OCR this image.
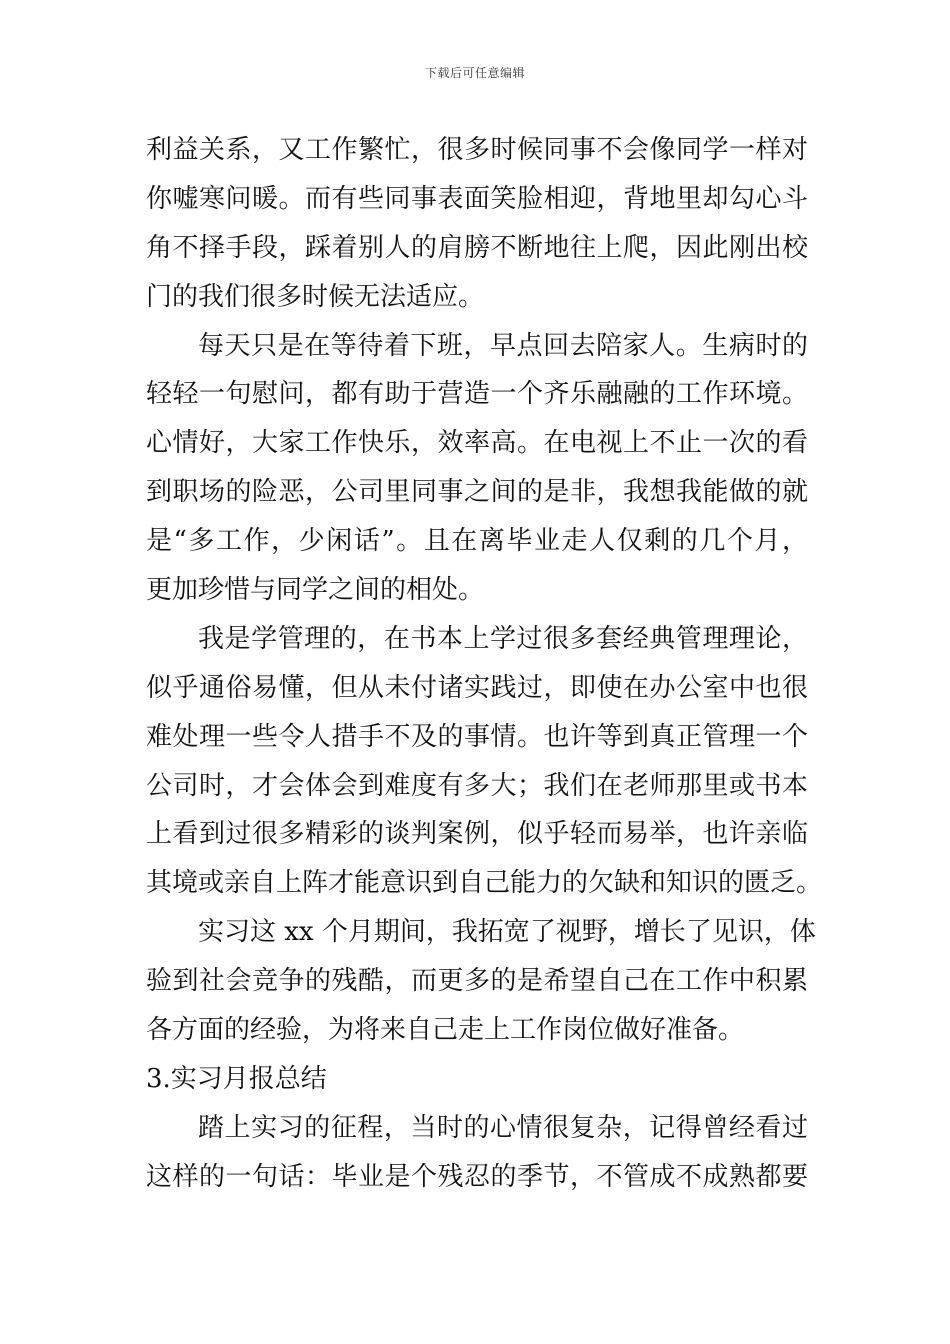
下载后可任意编辑
利益关系，又工作繁忙，很多时候同事不会像同学一样对
你嘘寒问暖。而有些同事表面笑脸相迎，背地里却勾心斗
角不择手段，踩着别人的肩膀不断地往上爬，因此刚出校
门的我们很多时候无法适应。
每天只是在等待着下班，早点回去陪家人。生病时的
轻轻一句慰问，都有助于营造一个齐乐融融的工作环境。
心情好，大家工作快乐，效率高。在电视上不止一次的看
到职场的险恶，公司里同事之间的是非，我想我能做的就
是“多工作，少闲话”。且在离毕业走人仅剩的几个月，
更加珍惜与同学之间的相处。
我是学管理的，在书本上学过很多套经典管理理论，
似乎通俗易懂，但从未付诸实践过，即使在办公室中也很
难处理一些令人措手不及的事情。也许等到真正管理一个
公司时，才会体会到难度有多大；我们在老师那里或书本
上看到过很多精彩的谈判案例，似乎轻而易举，也许亲临
其境或亲自上阵才能意识到自己能力的欠缺和知识的匮乏。
实习这 xx 个月期间，我拓宽了视野，增长了见识，体
验到社会竞争的残酷，而更多的是希望自己在工作中积累
各方面的经验，为将来自己走上工作岗位做好准备。
3.实习月报总结
踏上实习的征程，当时的心情很复杂，记得曾经看过
这样的一句话：毕业是个残忍的季节，不管成不成熟都要
